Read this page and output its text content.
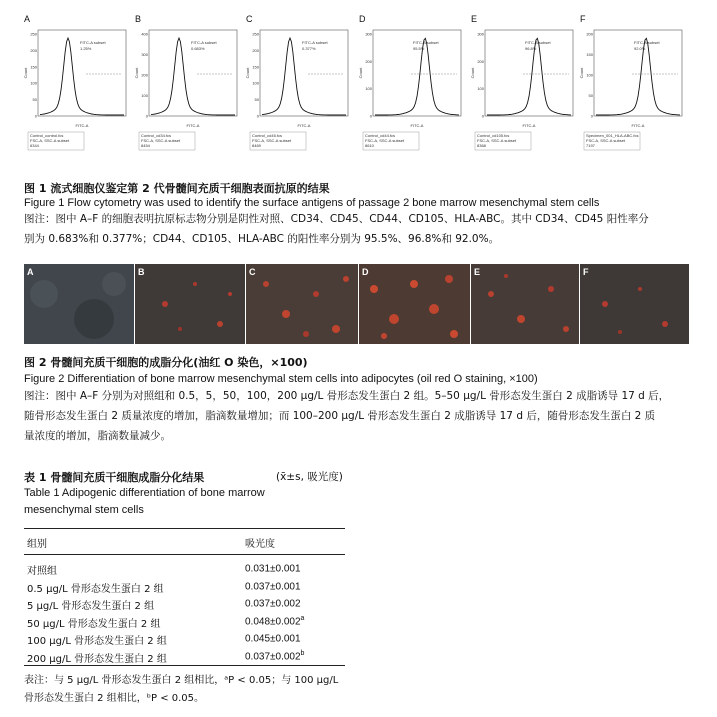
A
250
200
150
100
50
0
Count
FITC-A subset
1.25%
FITC-A
Control_control.fcs
FSC-A, SSC-A subset
6344
B
400
300
200
100
0
Count
FITC-A subset
0.683%
FITC-A
Control_cd34.fcs
FSC-A, SSC-A subset
8454
C
250
200
150
100
50
0
Count
FITC-A subset
0.377%
FITC-A
Control_cd45.fcs
FSC-A, SSC-A subset
8469
D
300
200
100
0
Count
FITC-A subset
95.5%
FITC-A
Control_cd44.fcs
FSC-A, SSC-A subset
8610
E
300
200
100
0
Count
FITC-A subset
96.8%
FITC-A
Control_cd105.fcs
FSC-A, SSC-A subset
8368
F
200
150
100
50
0
Count
FITC-A subset
92.0%
FITC-A
Specimen_001_HLA-ABC.fcs
FSC-A, SSC-A subset
7197
图 1 流式细胞仪鉴定第 2 代骨髓间充质干细胞表面抗原的结果
Figure 1 Flow cytometry was used to identify the surface antigens of passage 2 bone marrow mesenchymal stem cells
图注：图中 A–F 的细胞表明抗原标志物分别是阴性对照、CD34、CD45、CD44、CD105、HLA-ABC。其中 CD34、CD45 阳性率分
别为 0.683%和 0.377%；CD44、CD105、HLA-ABC 的阳性率分别为 95.5%、96.8%和 92.0%。
A	B	C	D	E	F
图 2 骨髓间充质干细胞的成脂分化(油红 O 染色，×100)
Figure 2 Differentiation of bone marrow mesenchymal stem cells into adipocytes (oil red O staining, ×100)
图注：图中 A–F 分别为对照组和 0.5，5，50，100，200 μg/L 骨形态发生蛋白 2 组。5–50 μg/L 骨形态发生蛋白 2 成脂诱导 17 d 后，
随骨形态发生蛋白 2 质量浓度的增加，脂滴数量增加；而 100–200 μg/L 骨形态发生蛋白 2 成脂诱导 17 d 后，随骨形态发生蛋白 2 质
量浓度的增加，脂滴数量减少。
表 1 骨髓间充质干细胞成脂分化结果	(x̄±s, 吸光度)
Table 1 Adipogenic differentiation of bone marrow
mesenchymal stem cells
组别	吸光度
对照组	0.031±0.001
0.5 μg/L 骨形态发生蛋白 2 组	0.037±0.001
5 μg/L 骨形态发生蛋白 2 组	0.037±0.002
50 μg/L 骨形态发生蛋白 2 组	0.048±0.002$^a$
100 μg/L 骨形态发生蛋白 2 组	0.045±0.001
200 μg/L 骨形态发生蛋白 2 组	0.037±0.002$^b$
表注：与 5 μg/L 骨形态发生蛋白 2 组相比，ᵃP < 0.05；与 100 μg/L
骨形态发生蛋白 2 组相比，ᵇP < 0.05。
